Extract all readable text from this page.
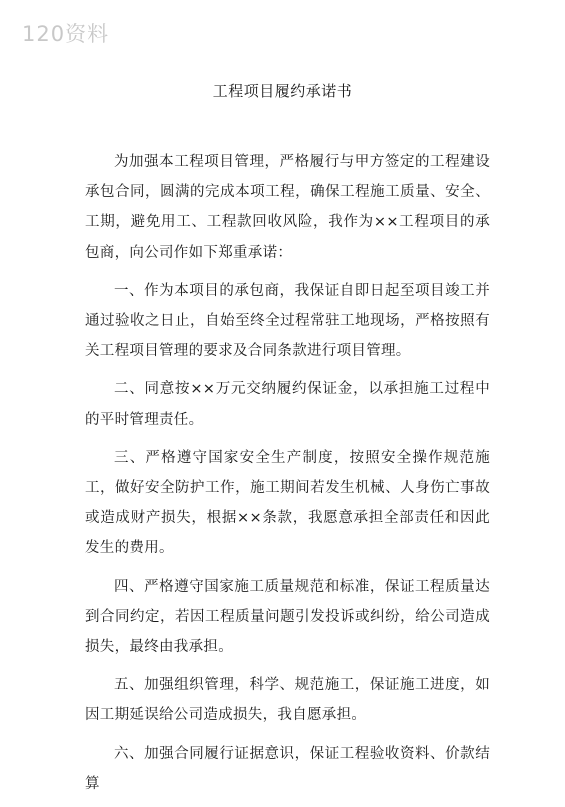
120资料
工程项目履约承诺书

为加强本工程项目管理，严格履行与甲方签定的工程建设承包合同，圆满的完成本项工程，确保工程施工质量、安全、工期，避免用工、工程款回收风险，我作为××工程项目的承包商，向公司作如下郑重承诺：

一、作为本项目的承包商，我保证自即日起至项目竣工并通过验收之日止，自始至终全过程常驻工地现场，严格按照有关工程项目管理的要求及合同条款进行项目管理。

二、同意按××万元交纳履约保证金，以承担施工过程中的平时管理责任。

三、严格遵守国家安全生产制度，按照安全操作规范施工，做好安全防护工作，施工期间若发生机械、人身伤亡事故或造成财产损失，根据××条款，我愿意承担全部责任和因此发生的费用。

四、严格遵守国家施工质量规范和标准，保证工程质量达到合同约定，若因工程质量问题引发投诉或纠纷，给公司造成损失，最终由我承担。

五、加强组织管理，科学、规范施工，保证施工进度，如因工期延误给公司造成损失，我自愿承担。

六、加强合同履行证据意识，保证工程验收资料、价款结算
